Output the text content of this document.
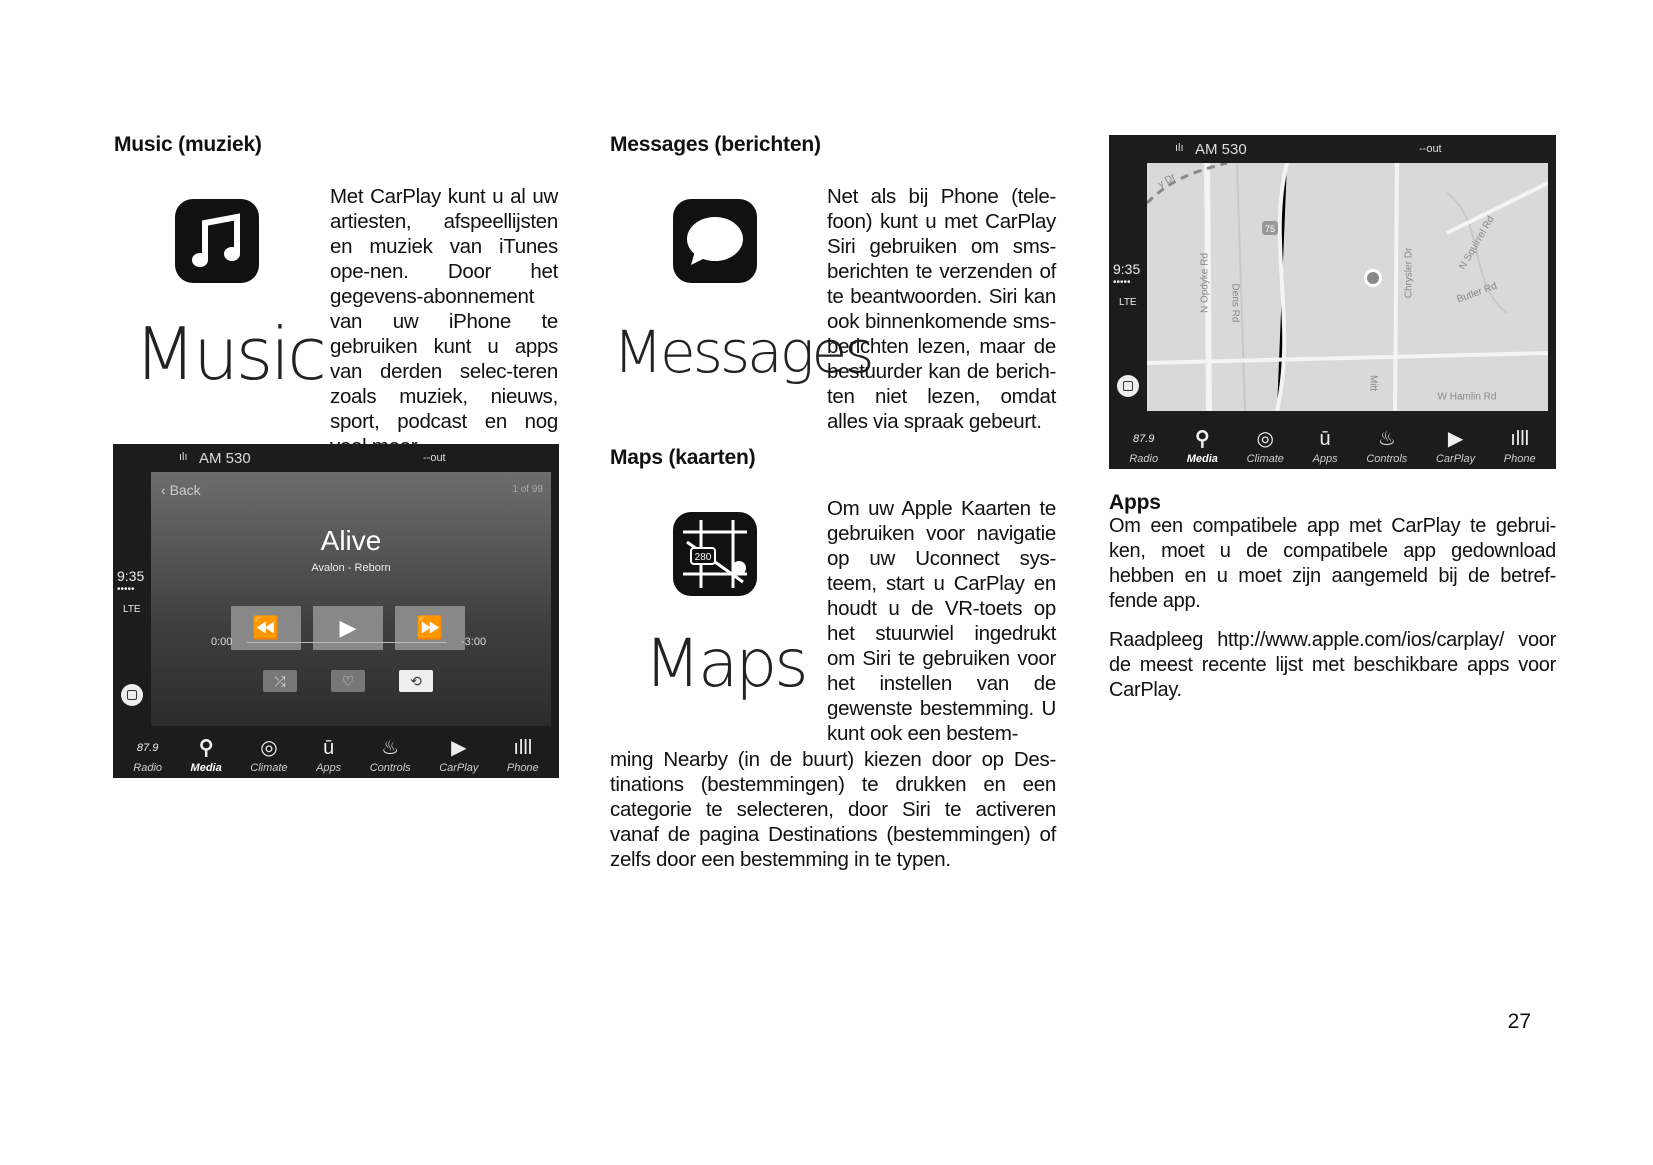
Music (muziek)
Music

Met CarPlay kunt u al uw artiesten, afspeellijsten en muziek van iTunes ope-nen. Door het gegevens-abonnement van uw iPhone te gebruiken kunt u apps van derden selec-teren zoals muziek, nieuws, sport, podcast en nog

ılı AM 530	--out
9:35
•••••
LTE
‹ Back	1 of 99
Alive
Avalon - Reborn
⏪	▶	⏩
0:00	-3:00
⤮	♡	⟲
87.9
Radio
⚲
Media
◎
Climate
ū
Apps
♨
Controls
▶
CarPlay
ılll
Phone
Messages (berichten)
Messages

Net als bij Phone (tele-foon) kunt u met CarPlay Siri gebruiken om sms-berichten te verzenden of te beantwoorden. Siri kan ook binnenkomende sms-berichten lezen, maar de bestuurder kan de berich-ten niet lezen, omdat alles via spraak gebeurt.

Maps (kaarten)
280
Maps

Om uw Apple Kaarten te gebruiken voor navigatie op uw Uconnect sys-teem, start u CarPlay en houdt u de VR-toets op het stuurwiel ingedrukt om Siri te gebruiken voor het instellen van de gewenste bestemming. U kunt ook een bestem-

ming Nearby (in de buurt) kiezen door op Des-tinations (bestemmingen) te drukken en een categorie te selecteren, door Siri te activeren vanaf de pagina Destinations (bestemmingen) of zelfs door een bestemming in te typen.

ılı AM 530	--out
9:35
•••••
LTE
75
N Opdyke Rd Dens Rd
Chrysler Dr
N Squirrel Rd
Butler Rd
W Hamlin Rd
Mitt
y Dr
87.9
Radio
⚲
Media
◎
Climate
ū
Apps
♨
Controls
▶
CarPlay
ılll
Phone
Apps

Om een compatibele app met CarPlay te gebrui-ken, moet u de compatibele app gedownload hebben en u moet zijn aangemeld bij de betref-fende app.

Raadpleeg http://www.apple.com/ios/carplay/ voor de meest recente lijst met beschikbare apps voor CarPlay.

27
